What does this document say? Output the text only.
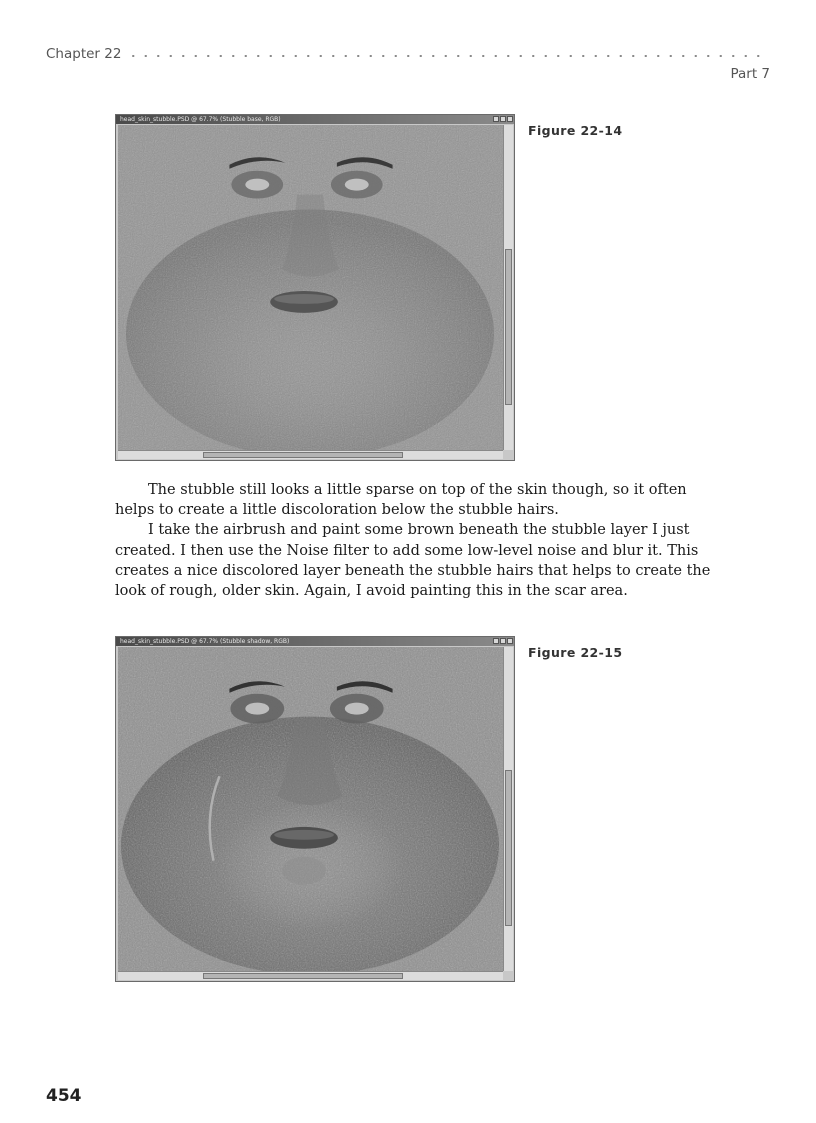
Chapter 22
Part 7
head_skin_stubble.PSD @ 67.7% (Stubble base, RGB)
Figure 22-14

The stubble still looks a little sparse on top of the skin though, so it often helps to create a little discoloration below the stubble hairs.

I take the airbrush and paint some brown beneath the stubble layer I just created. I then use the Noise filter to add some low-level noise and blur it. This creates a nice discolored layer beneath the stubble hairs that helps to create the look of rough, older skin. Again, I avoid painting this in the scar area.

head_skin_stubble.PSD @ 67.7% (Stubble shadow, RGB)
Figure 22-15
454
